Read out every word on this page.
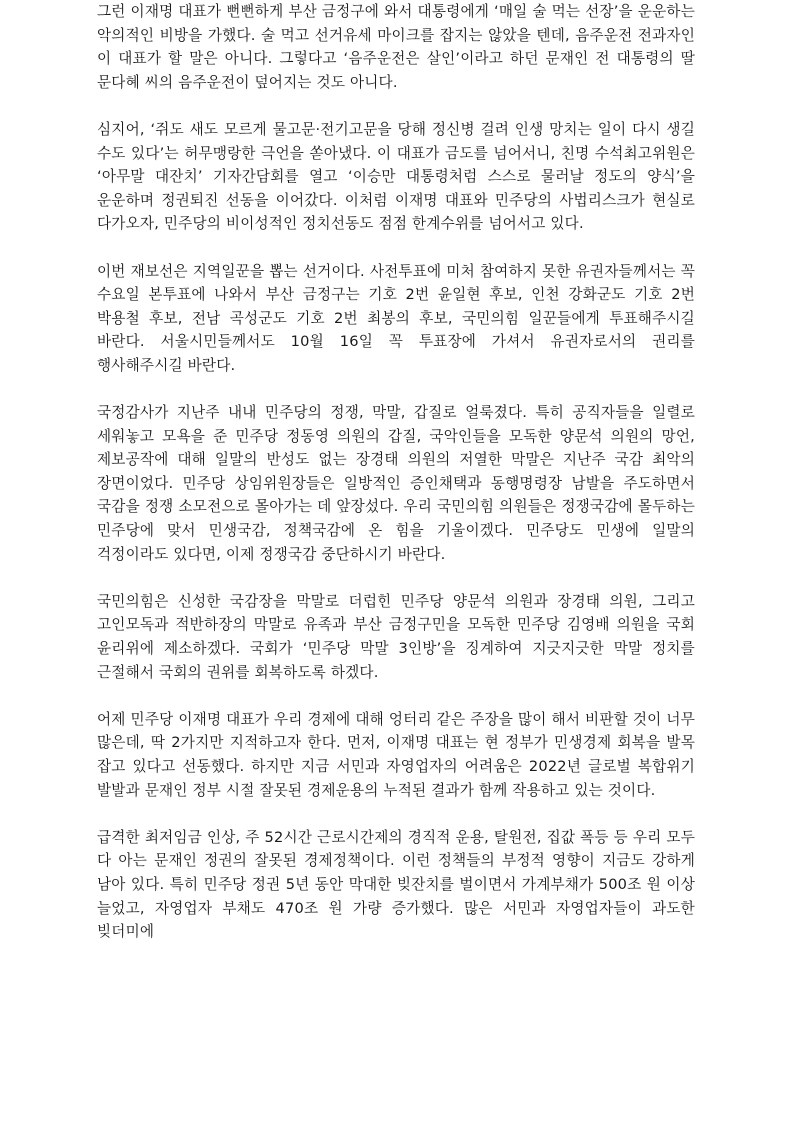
그런 이재명 대표가 뻔뻔하게 부산 금정구에 와서 대통령에게 ‘매일 술 먹는 선장’을 운운하는 악의적인 비방을 가했다. 술 먹고 선거유세 마이크를 잡지는 않았을 텐데, 음주운전 전과자인 이 대표가 할 말은 아니다. 그렇다고 ‘음주운전은 살인’이라고 하던 문재인 전 대통령의 딸 문다혜 씨의 음주운전이 덮어지는 것도 아니다.

심지어, ‘쥐도 새도 모르게 물고문·전기고문을 당해 정신병 걸려 인생 망치는 일이 다시 생길 수도 있다’는 허무맹랑한 극언을 쏟아냈다. 이 대표가 금도를 넘어서니, 친명 수석최고위원은 ‘아무말 대잔치’ 기자간담회를 열고 ‘이승만 대통령처럼 스스로 물러날 정도의 양식’을 운운하며 정권퇴진 선동을 이어갔다. 이처럼 이재명 대표와 민주당의 사법리스크가 현실로 다가오자, 민주당의 비이성적인 정치선동도 점점 한계수위를 넘어서고 있다.

이번 재보선은 지역일꾼을 뽑는 선거이다. 사전투표에 미처 참여하지 못한 유권자들께서는 꼭 수요일 본투표에 나와서 부산 금정구는 기호 2번 윤일현 후보, 인천 강화군도 기호 2번 박용철 후보, 전남 곡성군도 기호 2번 최봉의 후보, 국민의힘 일꾼들에게 투표해주시길 바란다. 서울시민들께서도 10월 16일 꼭 투표장에 가셔서 유권자로서의 권리를 행사해주시길 바란다.

국정감사가 지난주 내내 민주당의 정쟁, 막말, 갑질로 얼룩졌다. 특히 공직자들을 일렬로 세워놓고 모욕을 준 민주당 정동영 의원의 갑질, 국악인들을 모독한 양문석 의원의 망언, 제보공작에 대해 일말의 반성도 없는 장경태 의원의 저열한 막말은 지난주 국감 최악의 장면이었다. 민주당 상임위원장들은 일방적인 증인채택과 동행명령장 남발을 주도하면서 국감을 정쟁 소모전으로 몰아가는 데 앞장섰다. 우리 국민의힘 의원들은 정쟁국감에 몰두하는 민주당에 맞서 민생국감, 정책국감에 온 힘을 기울이겠다. 민주당도 민생에 일말의 걱정이라도 있다면, 이제 정쟁국감 중단하시기 바란다.

국민의힘은 신성한 국감장을 막말로 더럽힌 민주당 양문석 의원과 장경태 의원, 그리고 고인모독과 적반하장의 막말로 유족과 부산 금정구민을 모독한 민주당 김영배 의원을 국회 윤리위에 제소하겠다. 국회가 ‘민주당 막말 3인방’을 징계하여 지긋지긋한 막말 정치를 근절해서 국회의 권위를 회복하도록 하겠다.

어제 민주당 이재명 대표가 우리 경제에 대해 엉터리 같은 주장을 많이 해서 비판할 것이 너무 많은데, 딱 2가지만 지적하고자 한다. 먼저, 이재명 대표는 현 정부가 민생경제 회복을 발목 잡고 있다고 선동했다. 하지만 지금 서민과 자영업자의 어려움은 2022년 글로벌 복합위기 발발과 문재인 정부 시절 잘못된 경제운용의 누적된 결과가 함께 작용하고 있는 것이다.

급격한 최저임금 인상, 주 52시간 근로시간제의 경직적 운용, 탈원전, 집값 폭등 등 우리 모두 다 아는 문재인 정권의 잘못된 경제정책이다. 이런 정책들의 부정적 영향이 지금도 강하게 남아 있다. 특히 민주당 정권 5년 동안 막대한 빚잔치를 벌이면서 가계부채가 500조 원 이상 늘었고, 자영업자 부채도 470조 원 가량 증가했다. 많은 서민과 자영업자들이 과도한 빚더미에
